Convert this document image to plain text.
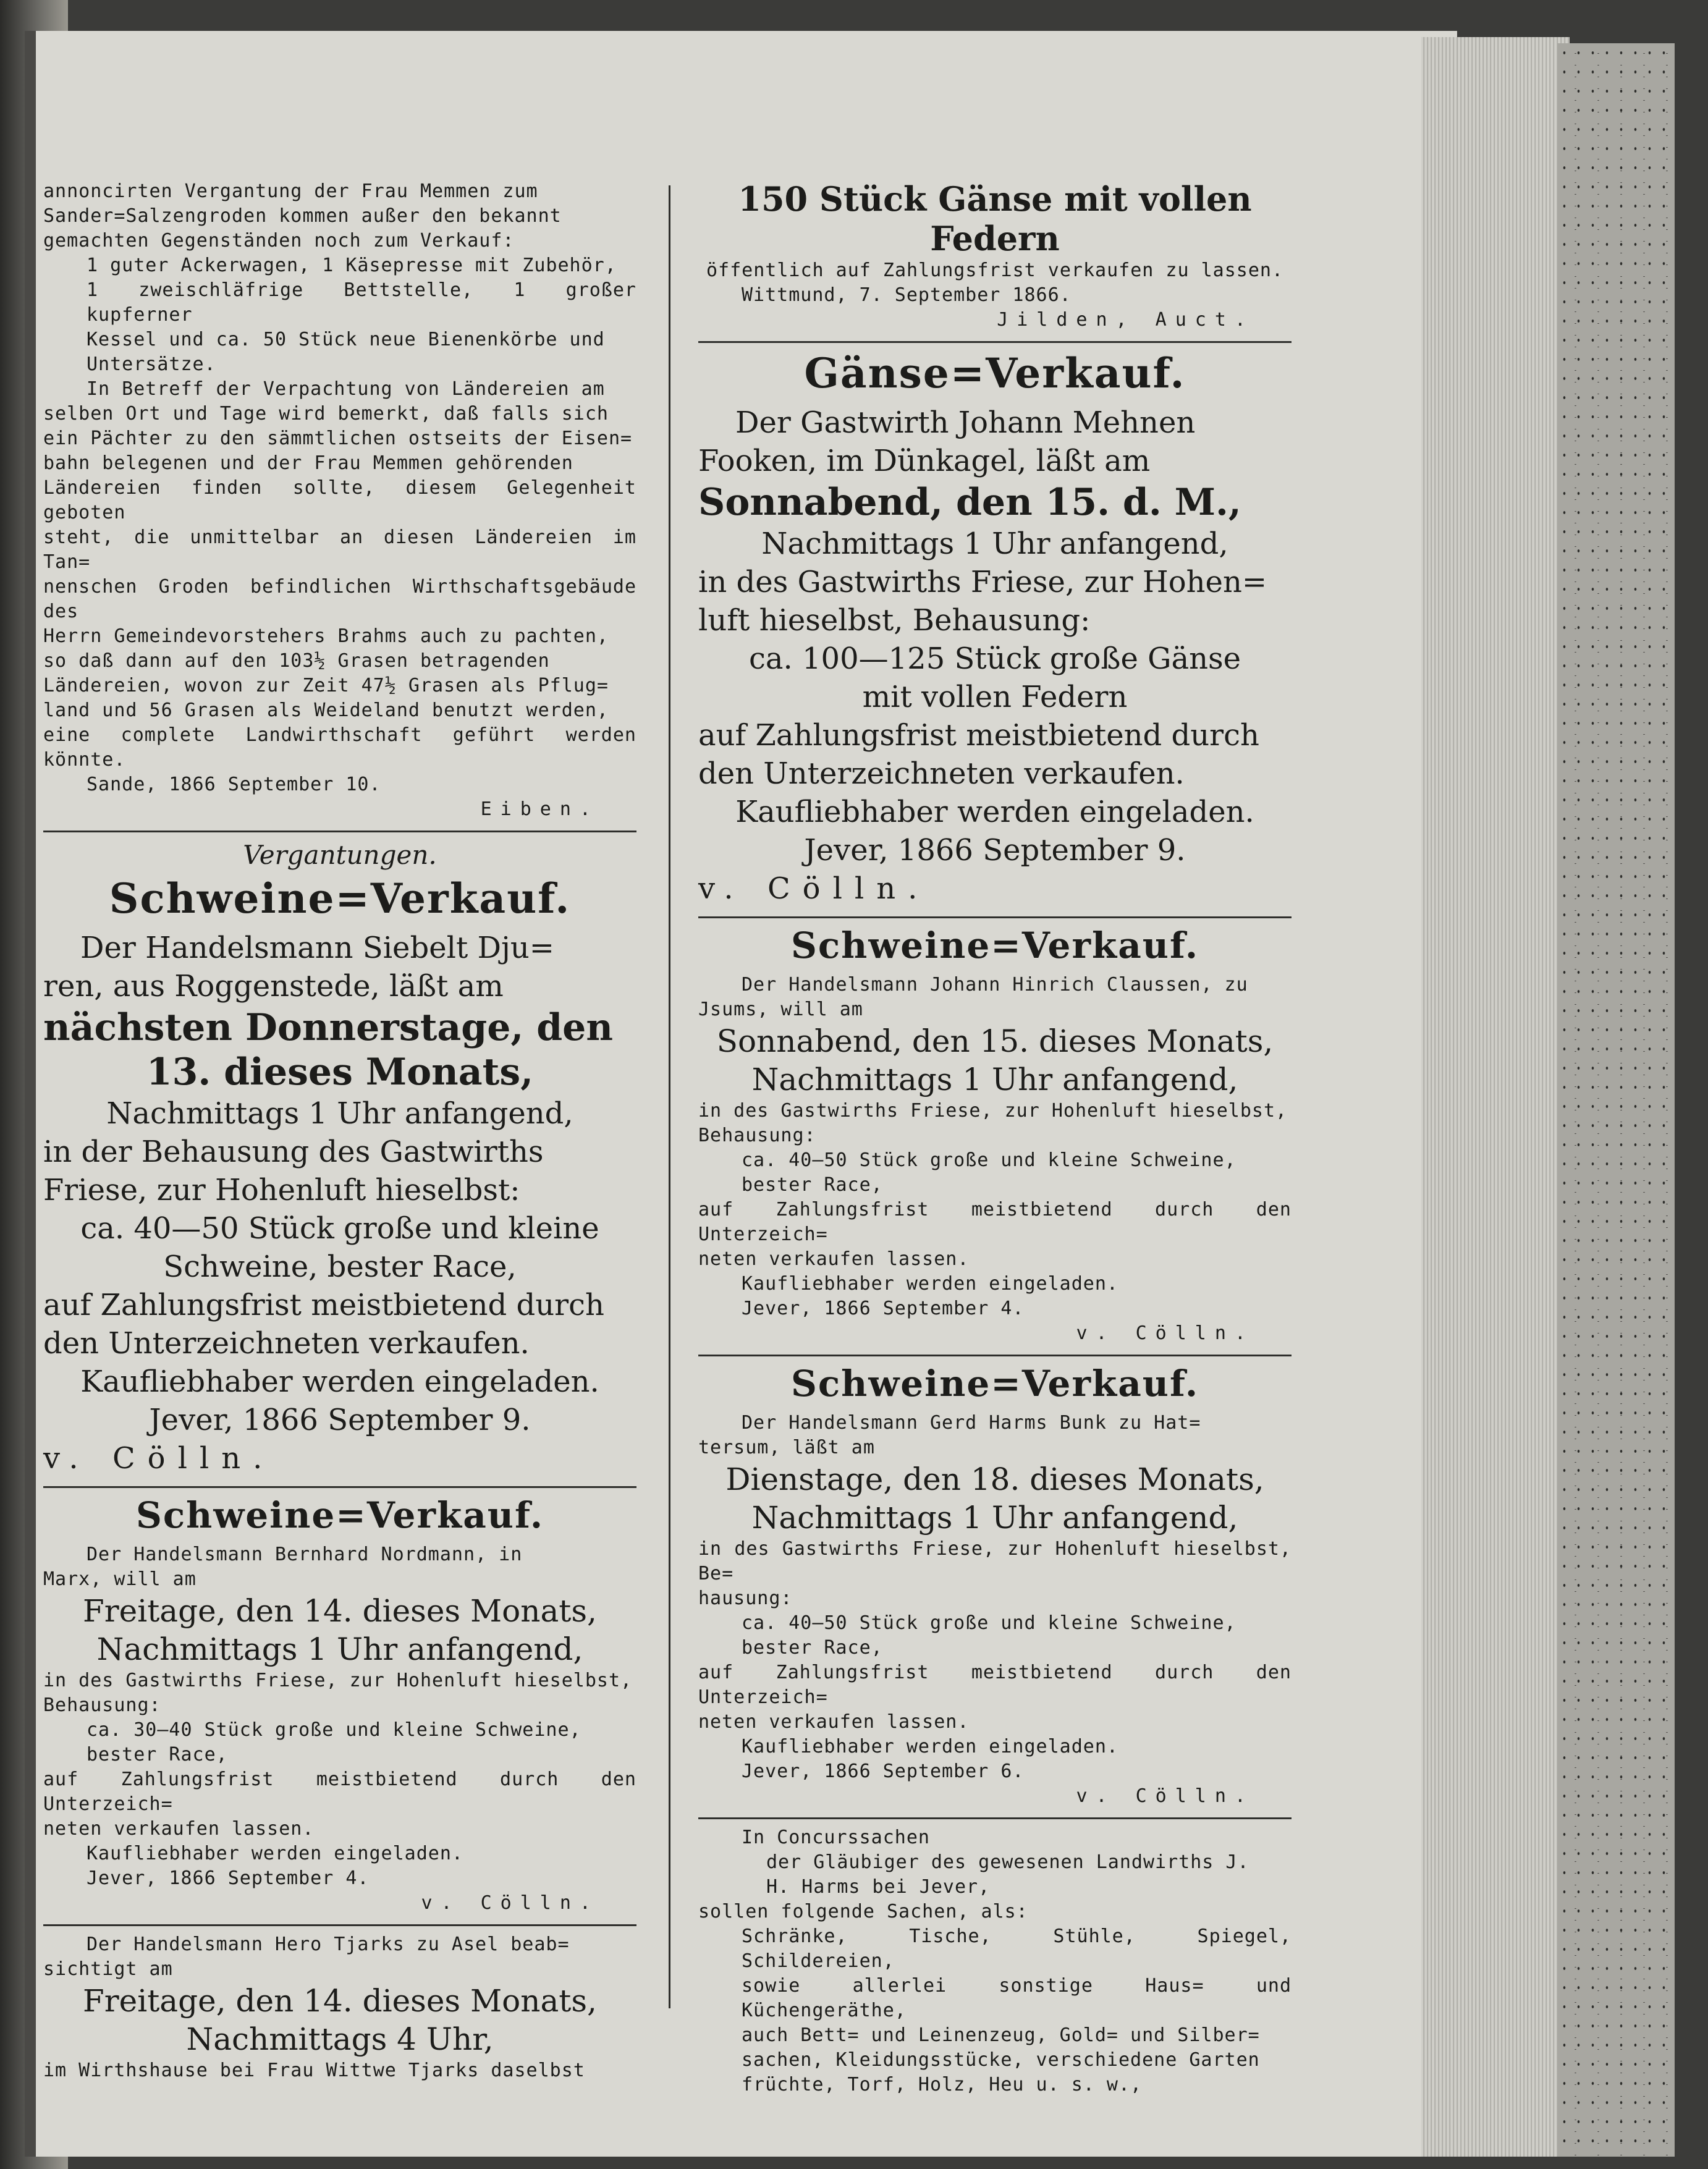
annoncirten Vergantung der Frau Memmen zum

Sander=Salzengroden kommen außer den bekannt

gemachten Gegenständen noch zum Verkauf:

1 guter Ackerwagen, 1 Käsepresse mit Zubehör,

1 zweischläfrige Bettstelle, 1 großer kupferner

Kessel und ca. 50 Stück neue Bienenkörbe und

Untersätze.

In Betreff der Verpachtung von Ländereien am

selben Ort und Tage wird bemerkt, daß falls sich

ein Pächter zu den sämmtlichen ostseits der Eisen=

bahn belegenen und der Frau Memmen gehörenden

Ländereien finden sollte, diesem Gelegenheit geboten

steht, die unmittelbar an diesen Ländereien im Tan=

nenschen Groden befindlichen Wirthschaftsgebäude des

Herrn Gemeindevorstehers Brahms auch zu pachten,

so daß dann auf den 103½ Grasen betragenden

Ländereien, wovon zur Zeit 47½ Grasen als Pflug=

land und 56 Grasen als Weideland benutzt werden,

eine complete Landwirthschaft geführt werden könnte.

Sande, 1866 September 10.

Eiben.

Vergantungen.

Schweine=Verkauf.

Der Handelsmann Siebelt Dju=

ren, aus Roggenstede, läßt am

nächsten Donnerstage, den

13. dieses Monats,

Nachmittags 1 Uhr anfangend,

in der Behausung des Gastwirths

Friese, zur Hohenluft hieselbst:

ca. 40—50 Stück große und kleine

Schweine, bester Race,

auf Zahlungsfrist meistbietend durch

den Unterzeichneten verkaufen.

Kaufliebhaber werden eingeladen.

Jever, 1866 September 9.

v. Cölln.

Schweine=Verkauf.

Der Handelsmann Bernhard Nordmann, in

Marx, will am

Freitage, den 14. dieses Monats,

Nachmittags 1 Uhr anfangend,

in des Gastwirths Friese, zur Hohenluft hieselbst,

Behausung:

ca. 30—40 Stück große und kleine Schweine,

bester Race,

auf Zahlungsfrist meistbietend durch den Unterzeich=

neten verkaufen lassen.

Kaufliebhaber werden eingeladen.

Jever, 1866 September 4.

v. Cölln.

Der Handelsmann Hero Tjarks zu Asel beab=

sichtigt am

Freitage, den 14. dieses Monats,

Nachmittags 4 Uhr,

im Wirthshause bei Frau Wittwe Tjarks daselbst

150 Stück Gänse mit vollen Federn

öffentlich auf Zahlungsfrist verkaufen zu lassen.

Wittmund, 7. September 1866.

Jilden, Auct.

Gänse=Verkauf.

Der Gastwirth Johann Mehnen

Fooken, im Dünkagel, läßt am

Sonnabend, den 15. d. M.,

Nachmittags 1 Uhr anfangend,

in des Gastwirths Friese, zur Hohen=

luft hieselbst, Behausung:

ca. 100—125 Stück große Gänse

mit vollen Federn

auf Zahlungsfrist meistbietend durch

den Unterzeichneten verkaufen.

Kaufliebhaber werden eingeladen.

Jever, 1866 September 9.

v. Cölln.

Schweine=Verkauf.

Der Handelsmann Johann Hinrich Claussen, zu

Jsums, will am

Sonnabend, den 15. dieses Monats,

Nachmittags 1 Uhr anfangend,

in des Gastwirths Friese, zur Hohenluft hieselbst,

Behausung:

ca. 40—50 Stück große und kleine Schweine,

bester Race,

auf Zahlungsfrist meistbietend durch den Unterzeich=

neten verkaufen lassen.

Kaufliebhaber werden eingeladen.

Jever, 1866 September 4.

v. Cölln.

Schweine=Verkauf.

Der Handelsmann Gerd Harms Bunk zu Hat=

tersum, läßt am

Dienstage, den 18. dieses Monats,

Nachmittags 1 Uhr anfangend,

in des Gastwirths Friese, zur Hohenluft hieselbst, Be=

hausung:

ca. 40—50 Stück große und kleine Schweine,

bester Race,

auf Zahlungsfrist meistbietend durch den Unterzeich=

neten verkaufen lassen.

Kaufliebhaber werden eingeladen.

Jever, 1866 September 6.

v. Cölln.

In Concurssachen

der Gläubiger des gewesenen Landwirths J.

H. Harms bei Jever,

sollen folgende Sachen, als:

Schränke, Tische, Stühle, Spiegel, Schildereien,

sowie allerlei sonstige Haus= und Küchengeräthe,

auch Bett= und Leinenzeug, Gold= und Silber=

sachen, Kleidungsstücke, verschiedene Garten

früchte, Torf, Holz, Heu u. s. w.,
